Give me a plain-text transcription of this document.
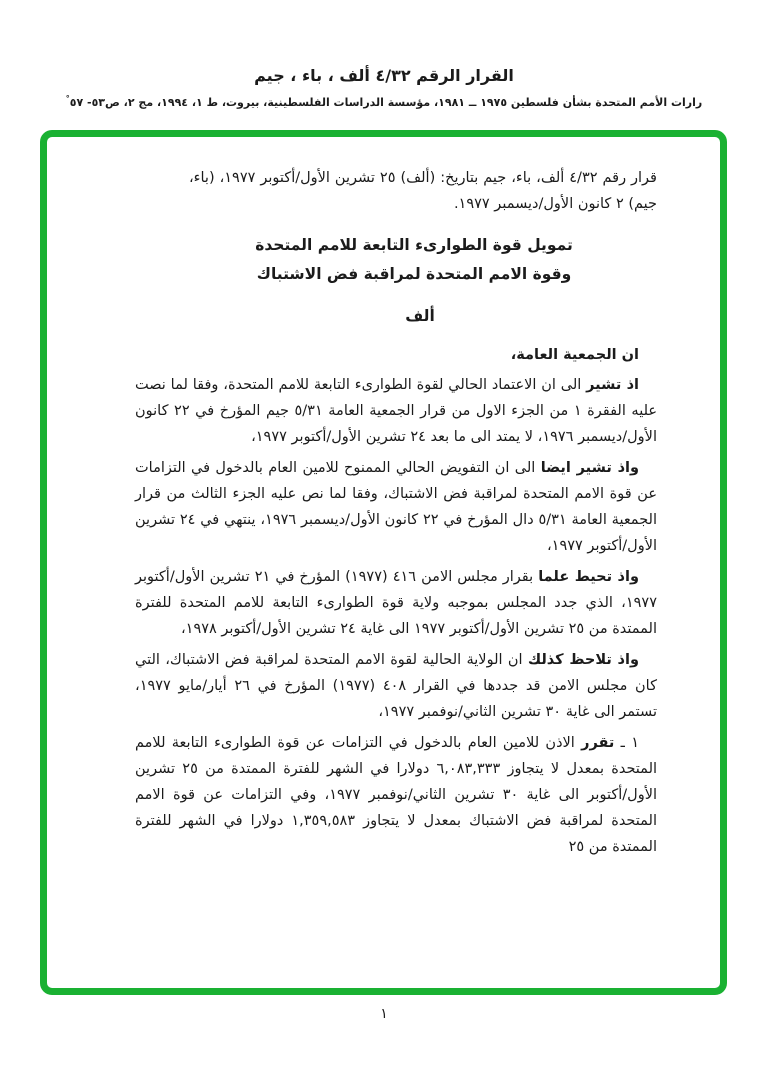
القرار الرقم ٤/٣٢ ألف ، باء ، جيم
رارات الأمم المتحدة بشأن فلسطين ١٩٧٥ ــ ١٩٨١، مؤسسة الدراسات الفلسطينية، بيروت، ط ١، ١٩٩٤، مج ٢، ص٥٣- ٥٧°

قرار رقم ٤/٣٢ ألف، باء، جيم بتاريخ: (ألف) ٢٥ تشرين الأول/أكتوبر ١٩٧٧، (باء، جيم) ٢ كانون الأول/ديسمبر ١٩٧٧.

تمويل قوة الطوارىء التابعة للامم المتحدة
وقوة الامم المتحدة لمراقبة فض الاشتباك
ألف

ان الجمعية العامة،

اذ تشير الى ان الاعتماد الحالي لقوة الطوارىء التابعة للامم المتحدة، وفقا لما نصت عليه الفقرة ١ من الجزء الاول من قرار الجمعية العامة ٥/٣١ جيم المؤرخ في ٢٢ كانون الأول/ديسمبر ١٩٧٦، لا يمتد الى ما بعد ٢٤ تشرين الأول/أكتوبر ١٩٧٧،

واذ تشير ايضا الى ان التفويض الحالي الممنوح للامين العام بالدخول في التزامات عن قوة الامم المتحدة لمراقبة فض الاشتباك، وفقا لما نص عليه الجزء الثالث من قرار الجمعية العامة ٥/٣١ دال المؤرخ في ٢٢ كانون الأول/ديسمبر ١٩٧٦، ينتهي في ٢٤ تشرين الأول/أكتوبر ١٩٧٧،

واذ تحيط علما بقرار مجلس الامن ٤١٦ (١٩٧٧) المؤرخ في ٢١ تشرين الأول/أكتوبر ١٩٧٧، الذي جدد المجلس بموجبه ولاية قوة الطوارىء التابعة للامم المتحدة للفترة الممتدة من ٢٥ تشرين الأول/أكتوبر ١٩٧٧ الى غاية ٢٤ تشرين الأول/أكتوبر ١٩٧٨،

واذ تلاحظ كذلك ان الولاية الحالية لقوة الامم المتحدة لمراقبة فض الاشتباك، التي كان مجلس الامن قد جددها في القرار ٤٠٨ (١٩٧٧) المؤرخ في ٢٦ أيار/مايو ١٩٧٧، تستمر الى غاية ٣٠ تشرين الثاني/نوفمبر ١٩٧٧،

١ ـ تقرر الاذن للامين العام بالدخول في التزامات عن قوة الطوارىء التابعة للامم المتحدة بمعدل لا يتجاوز ٦,٠٨٣,٣٣٣ دولارا في الشهر للفترة الممتدة من ٢٥ تشرين الأول/أكتوبر الى غاية ٣٠ تشرين الثاني/نوفمبر ١٩٧٧، وفي التزامات عن قوة الامم المتحدة لمراقبة فض الاشتباك بمعدل لا يتجاوز ١,٣٥٩,٥٨٣ دولارا في الشهر للفترة الممتدة من ٢٥

١
